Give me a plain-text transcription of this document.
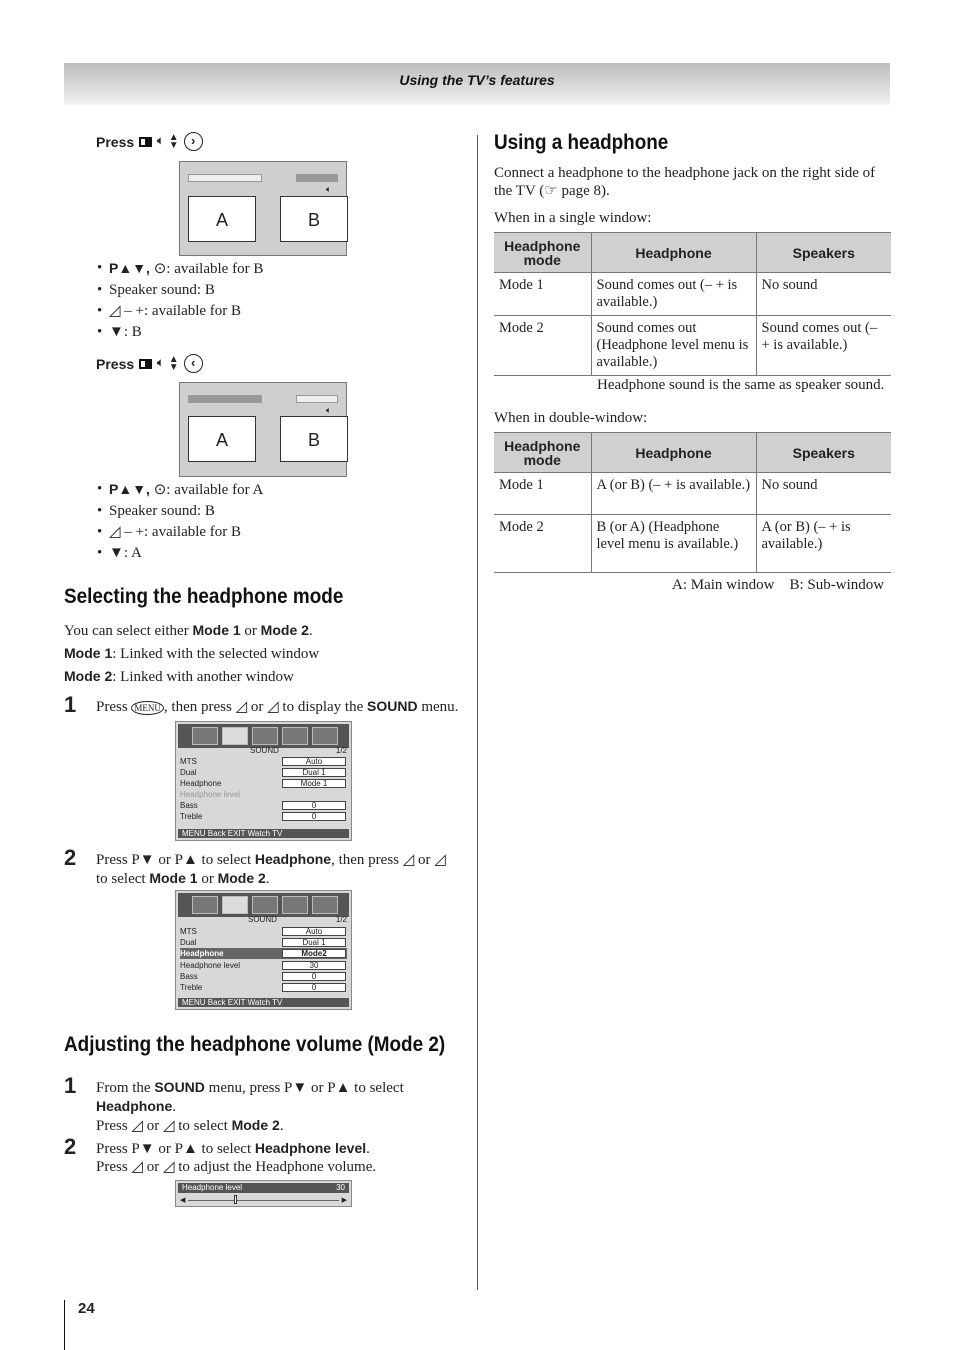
Using the TV’s features
Press 🔈︎ ▲
▼ ›
🔈︎
A	B
• P▲▼, ⊙: available for B
• Speaker sound: B
• ◿ – +: available for B
• ▼: B
Press 🔈︎ ▲
▼ ‹
🔈︎
A	B
• P▲▼, ⊙: available for A
• Speaker sound: B
• ◿ – +: available for B
• ▼: A
Selecting the headphone mode
You can select either Mode 1 or Mode 2.
Mode 1: Linked with the selected window
Mode 2: Linked with another window
1 Press MENU , then press ◿ or ◿ to display the SOUND menu.
SOUND	1/2
MTS	Auto
Dual	Dual 1
Headphone	Mode 1
Headphone level
Bass	0
Treble	0
MENU Back EXIT Watch TV
2 Press P▼ or P▲ to select Headphone, then press ◿ or ◿
to select Mode 1 or Mode 2.
SOUND	1/2
MTS	Auto
Dual	Dual 1
Headphone	Mode2
Headphone level	30
Bass	0
Treble	0
MENU Back EXIT Watch TV
Adjusting the headphone volume (Mode 2)
1 From the SOUND menu, press P▼ or P▲ to select
Headphone.
Press ◿ or ◿ to select Mode 2.
2 Press P▼ or P▲ to select Headphone level.
Press ◿ or ◿ to adjust the Headphone volume.
Headphone level	30
◀	▶
Using a headphone
Connect a headphone to the headphone jack on the right side of the TV (☞ page 8).
When in a single window:
Headphone mode	Headphone	Speakers
Mode 1	Sound comes out (– + is available.)	No sound
Mode 2	Sound comes out (Headphone level menu is available.)	Sound comes out (– + is available.)
Headphone sound is the same as speaker sound.
When in double-window:
Headphone mode	Headphone	Speakers
Mode 1	A (or B) (– + is available.)	No sound
Mode 2	B (or A) (Headphone level menu is available.)	A (or B) (– + is available.)
A: Main window    B: Sub-window
24
